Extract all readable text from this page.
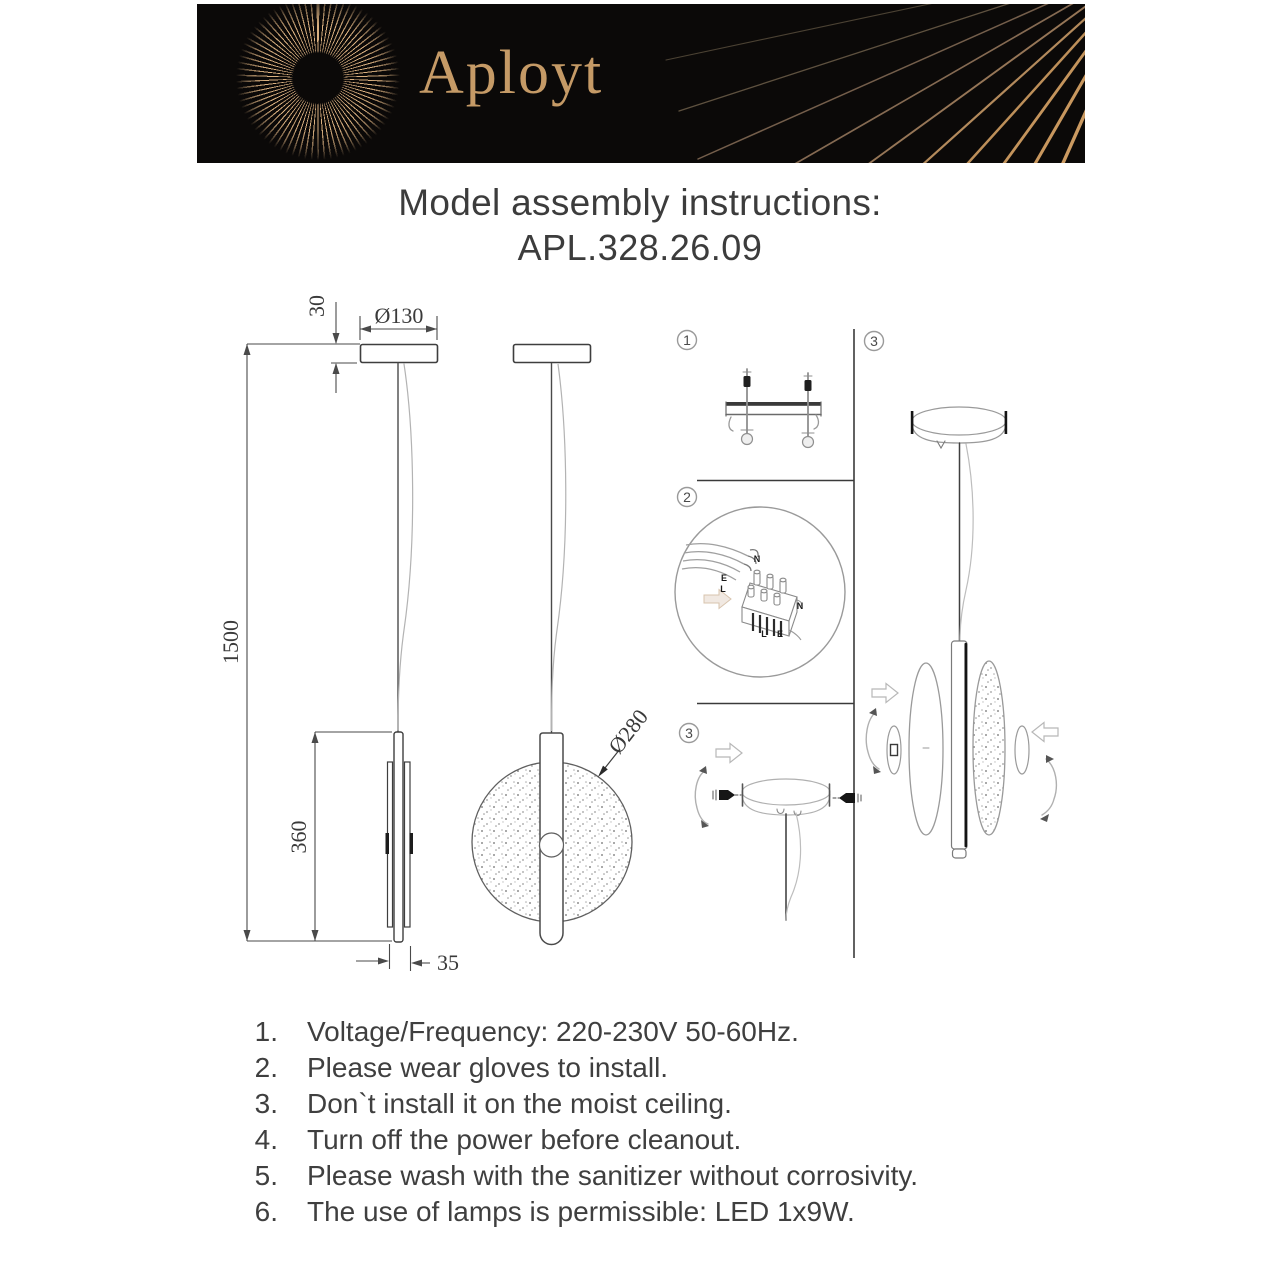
Aployt
Model assembly instructions:
APL.328.26.09
1500
360
30 Ø130
35
Ø280
1
2
3
3
N
E
L
N
L E
1. Voltage/Frequency: 220-230V 50-60Hz.
2. Please wear gloves to install.
3. Don`t install it on the moist ceiling.
4. Turn off the power before cleanout.
5. Please wash with the sanitizer without corrosivity.
6. The use of lamps is permissible: LED 1x9W.
